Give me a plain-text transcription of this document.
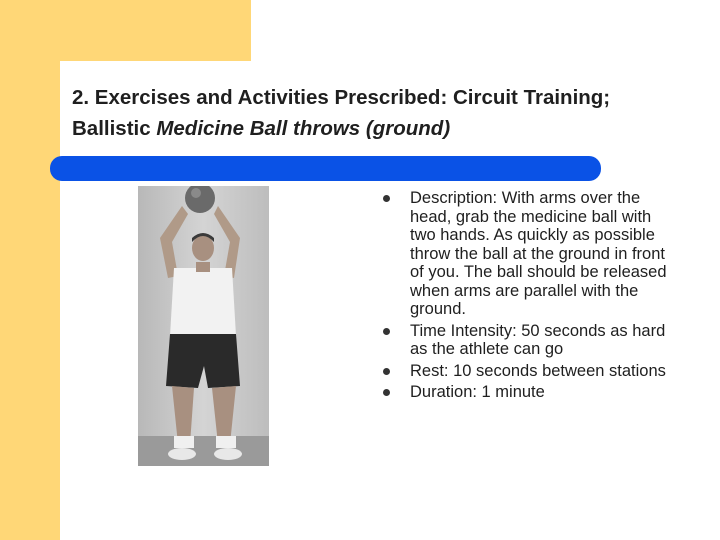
2. Exercises and Activities Prescribed: Circuit Training; Ballistic Medicine Ball throws (ground)
Description: With arms over the head, grab the medicine ball with two hands. As quickly as possible throw the ball at the ground in front of you. The ball should be released when arms are parallel with the ground.
Time Intensity: 50 seconds as hard as the athlete can go
Rest: 10 seconds between stations
Duration: 1 minute
